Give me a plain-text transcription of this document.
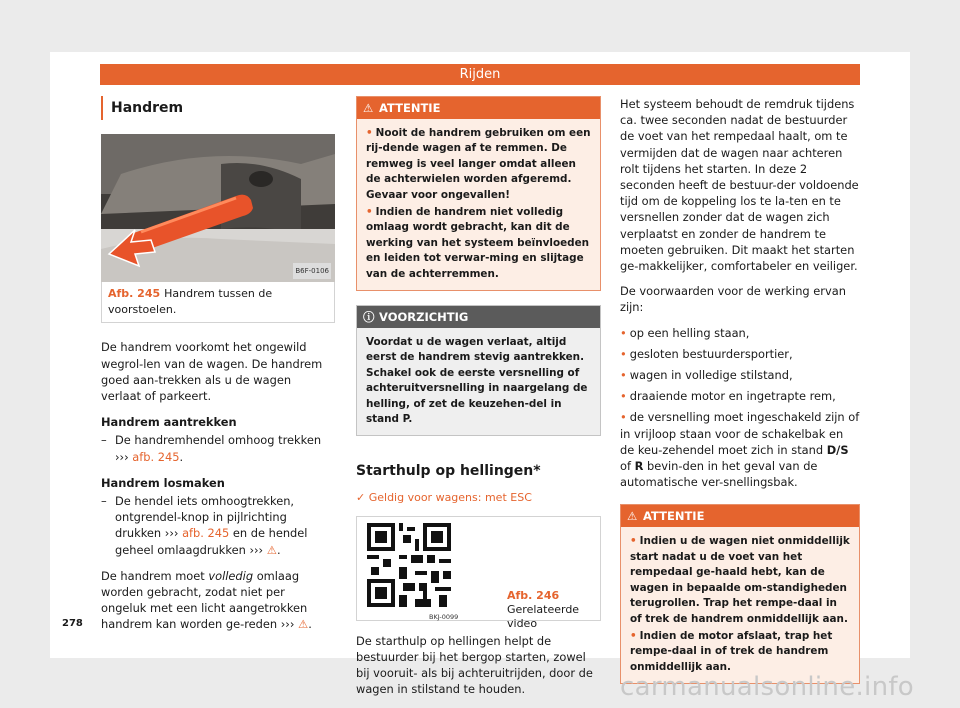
Rijden
Handrem
B6F-0106
Afb. 245 Handrem tussen de voorstoelen.

De handrem voorkomt het ongewild wegrol-len van de wagen. De handrem goed aan-trekken als u de wagen verlaat of parkeert.

Handrem aantrekken
– De handremhendel omhoog trekken ››› afb. 245.
Handrem losmaken
– De hendel iets omhoogtrekken, ontgrendel-knop in pijlrichting drukken ››› afb. 245 en de hendel geheel omlaagdrukken ››› ⚠.

De handrem moet volledig omlaag worden gebracht, zodat niet per ongeluk met een licht aangetrokken handrem kan worden ge-reden ››› ⚠.

278
⚠ ATTENTIE

• Nooit de handrem gebruiken om een rij-dende wagen af te remmen. De remweg is veel langer omdat alleen de achterwielen worden afgeremd. Gevaar voor ongevallen!

• Indien de handrem niet volledig omlaag wordt gebracht, kan dit de werking van het systeem beïnvloeden en leiden tot verwar-ming en slijtage van de achterremmen.

ⓘ VOORZICHTIG
Voordat u de wagen verlaat, altijd eerst de handrem stevig aantrekken. Schakel ook de eerste versnelling of achteruitversnelling in naargelang de helling, of zet de keuzehen-del in stand P.
Starthulp op hellingen*
✓ Geldig voor wagens: met ESC
BKJ-0099
Afb. 246 Gerelateerde video

De starthulp op hellingen helpt de bestuurder bij het bergop starten, zowel bij vooruit- als bij achteruitrijden, door de wagen in stilstand te houden.

Het systeem behoudt de remdruk tijdens ca. twee seconden nadat de bestuurder de voet van het rempedaal haalt, om te vermijden dat de wagen naar achteren rolt tijdens het starten. In deze 2 seconden heeft de bestuur-der voldoende tijd om de koppeling los te la-ten en te versnellen zonder dat de wagen zich verplaatst en zonder de handrem te moeten gebruiken. Dit maakt het starten ge-makkelijker, comfortabeler en veiliger.

De voorwaarden voor de werking ervan zijn:

• op een helling staan,
• gesloten bestuurdersportier,
• wagen in volledige stilstand,
• draaiende motor en ingetrapte rem,
• de versnelling moet ingeschakeld zijn of in vrijloop staan voor de schakelbak en de keu-zehendel moet zich in stand D/S of R bevin-den in het geval van de automatische ver-snellingsbak.
⚠ ATTENTIE

• Indien u de wagen niet onmiddellijk start nadat u de voet van het rempedaal ge-haald hebt, kan de wagen in bepaalde om-standigheden terugrollen. Trap het rempe-daal in of trek de handrem onmiddellijk aan.

• Indien de motor afslaat, trap het rempe-daal in of trek de handrem onmiddellijk aan.

carmanualsonline.info
